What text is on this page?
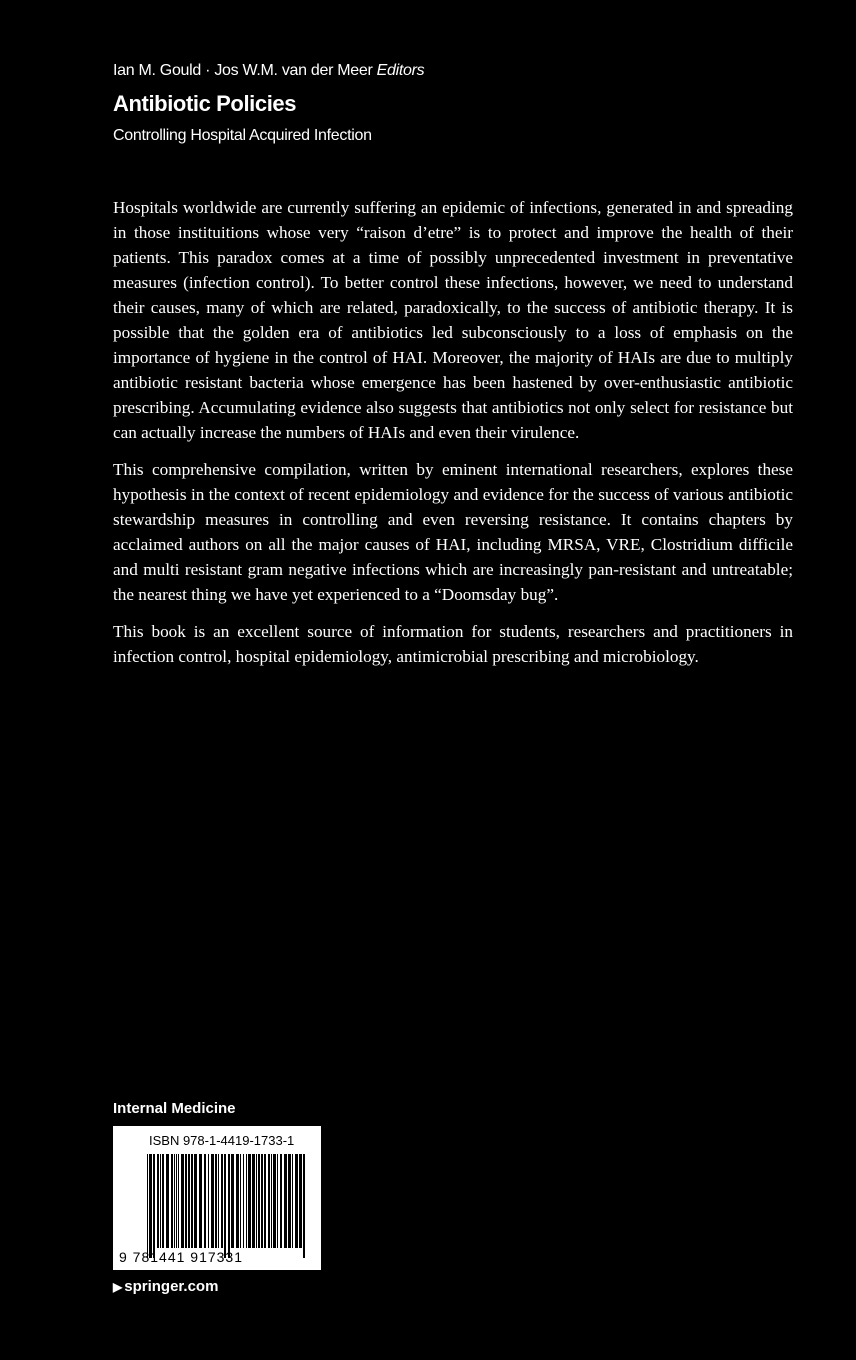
Ian M. Gould · Jos W.M. van der Meer Editors
Antibiotic Policies
Controlling Hospital Acquired Infection

Hospitals worldwide are currently suffering an epidemic of infections, generated in and spreading in those instituitions whose very “raison d’etre” is to protect and improve the health of their patients. This paradox comes at a time of possibly unprecedented investment in preventative measures (infection control). To better control these infections, however, we need to understand their causes, many of which are related, paradoxically, to the success of antibiotic therapy. It is possible that the golden era of antibiotics led subconsciously to a loss of emphasis on the importance of hygiene in the control of HAI. Moreover, the majority of HAIs are due to multiply antibiotic resistant bacteria whose emergence has been hastened by over-enthusiastic antibiotic prescribing. Accumulating evidence also suggests that antibiotics not only select for resistance but can actually increase the numbers of HAIs and even their virulence.

This comprehensive compilation, written by eminent international researchers, explores these hypothesis in the context of recent epidemiology and evidence for the success of various antibiotic stewardship measures in controlling and even reversing resistance. It contains chapters by acclaimed authors on all the major causes of HAI, including MRSA, VRE, Clostridium difficile and multi resistant gram negative infections which are increasingly pan-resistant and untreatable; the nearest thing we have yet experienced to a “Doomsday bug”.

This book is an excellent source of information for students, researchers and practitioners in infection control, hospital epidemiology, antimicrobial prescribing and microbiology.

Internal Medicine
ISBN 978-1-4419-1733-1
9 781441 917331
▶ springer.com
